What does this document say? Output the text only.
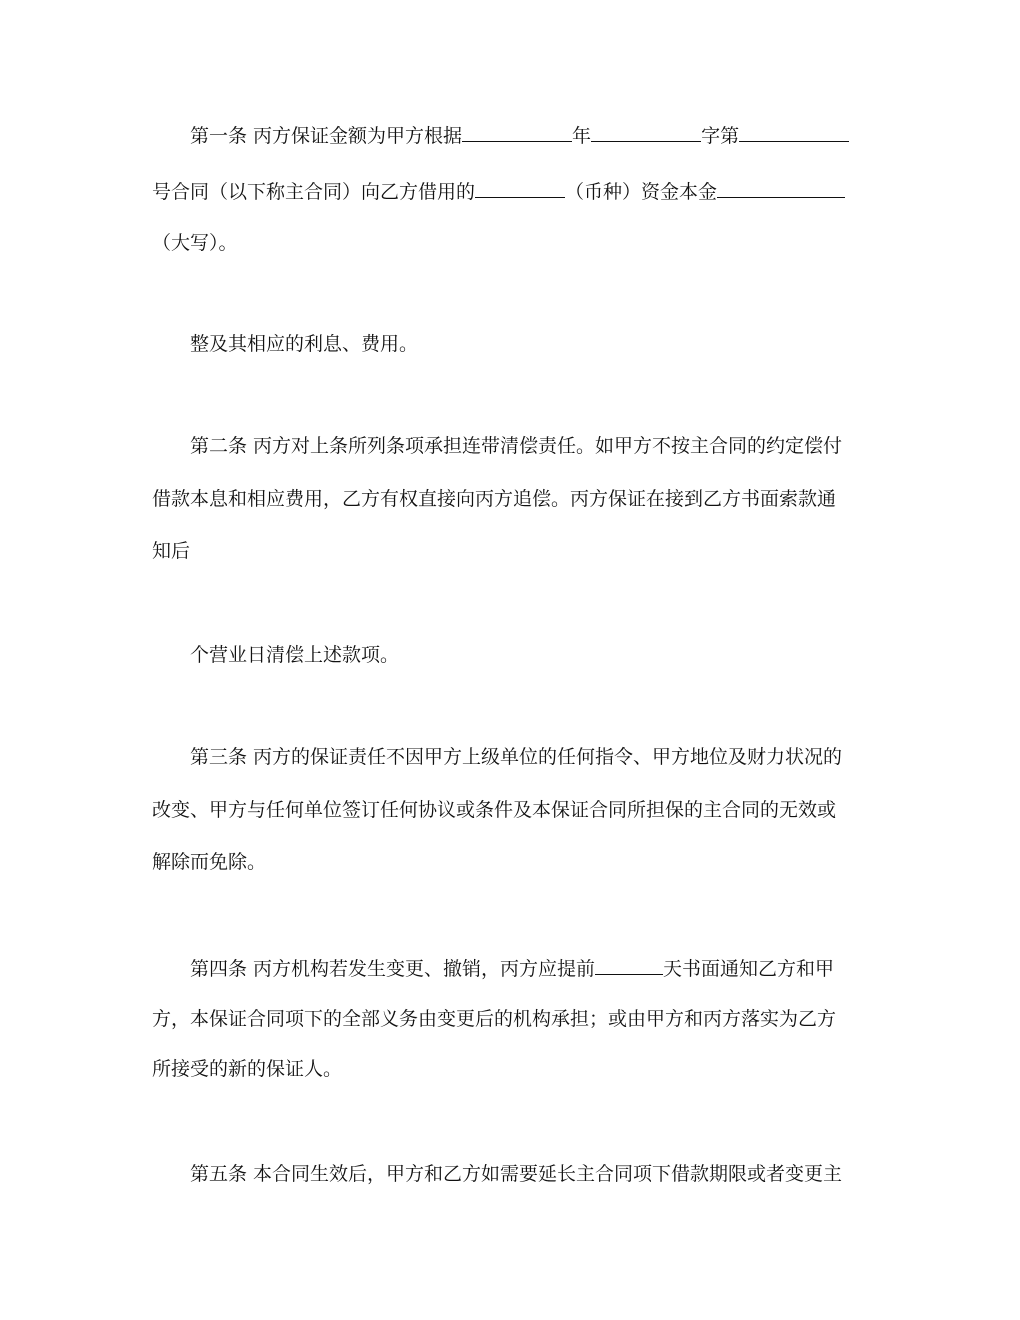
第一条 丙方保证金额为甲方根据	年	字第
号合同（以下称主合同）向乙方借用的	（币种）资金本金
（大写）。
整及其相应的利息、费用。
第二条 丙方对上条所列条项承担连带清偿责任。如甲方不按主合同的约定偿付
借款本息和相应费用，乙方有权直接向丙方追偿。丙方保证在接到乙方书面索款通
知后
个营业日清偿上述款项。
第三条 丙方的保证责任不因甲方上级单位的任何指令、甲方地位及财力状况的
改变、甲方与任何单位签订任何协议或条件及本保证合同所担保的主合同的无效或
解除而免除。
第四条 丙方机构若发生变更、撤销，丙方应提前	天书面通知乙方和甲
方，本保证合同项下的全部义务由变更后的机构承担；或由甲方和丙方落实为乙方
所接受的新的保证人。
第五条 本合同生效后，甲方和乙方如需要延长主合同项下借款期限或者变更主
